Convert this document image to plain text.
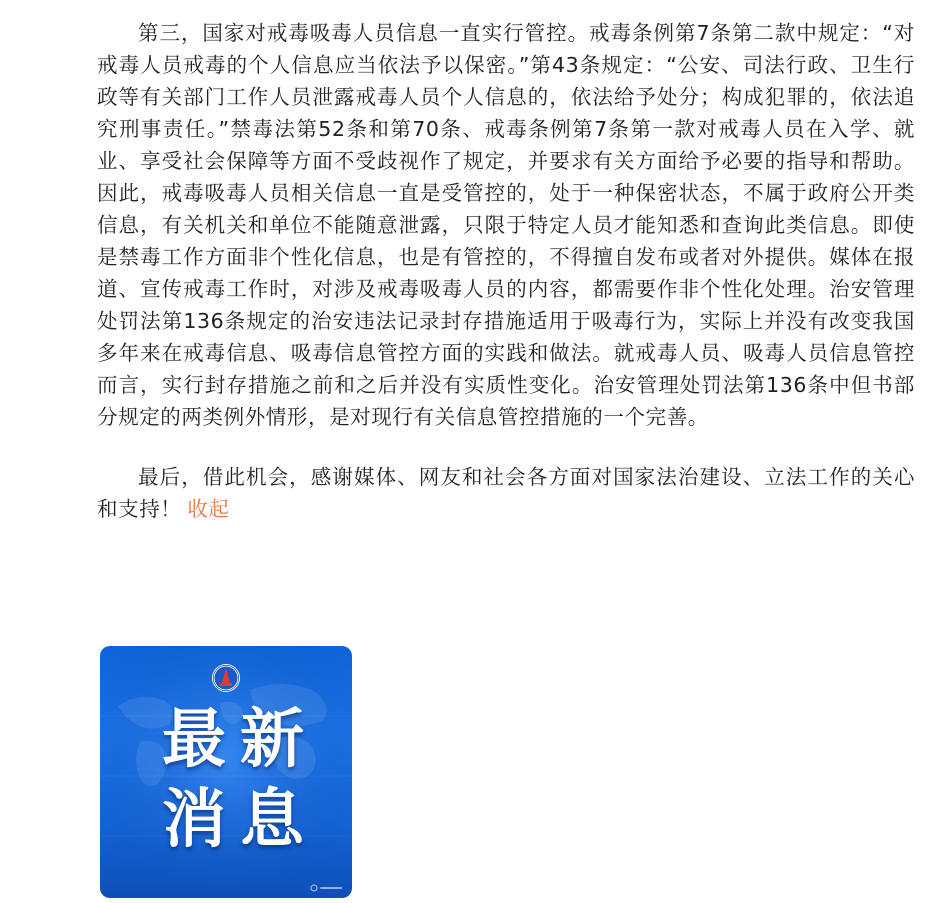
第三，国家对戒毒吸毒人员信息一直实行管控。戒毒条例第7条第二款中规定：“对戒毒人员戒毒的个人信息应当依法予以保密。”第43条规定：“公安、司法行政、卫生行政等有关部门工作人员泄露戒毒人员个人信息的，依法给予处分；构成犯罪的，依法追究刑事责任。”禁毒法第52条和第70条、戒毒条例第7条第一款对戒毒人员在入学、就业、享受社会保障等方面不受歧视作了规定，并要求有关方面给予必要的指导和帮助。因此，戒毒吸毒人员相关信息一直是受管控的，处于一种保密状态，不属于政府公开类信息，有关机关和单位不能随意泄露，只限于特定人员才能知悉和查询此类信息。即使是禁毒工作方面非个性化信息，也是有管控的，不得擅自发布或者对外提供。媒体在报道、宣传戒毒工作时，对涉及戒毒吸毒人员的内容，都需要作非个性化处理。治安管理处罚法第136条规定的治安违法记录封存措施适用于吸毒行为，实际上并没有改变我国多年来在戒毒信息、吸毒信息管控方面的实践和做法。就戒毒人员、吸毒人员信息管控而言，实行封存措施之前和之后并没有实质性变化。治安管理处罚法第136条中但书部分规定的两类例外情形，是对现行有关信息管控措施的一个完善。

最后，借此机会，感谢媒体、网友和社会各方面对国家法治建设、立法工作的关心和支持！ 收起

最新
消息
